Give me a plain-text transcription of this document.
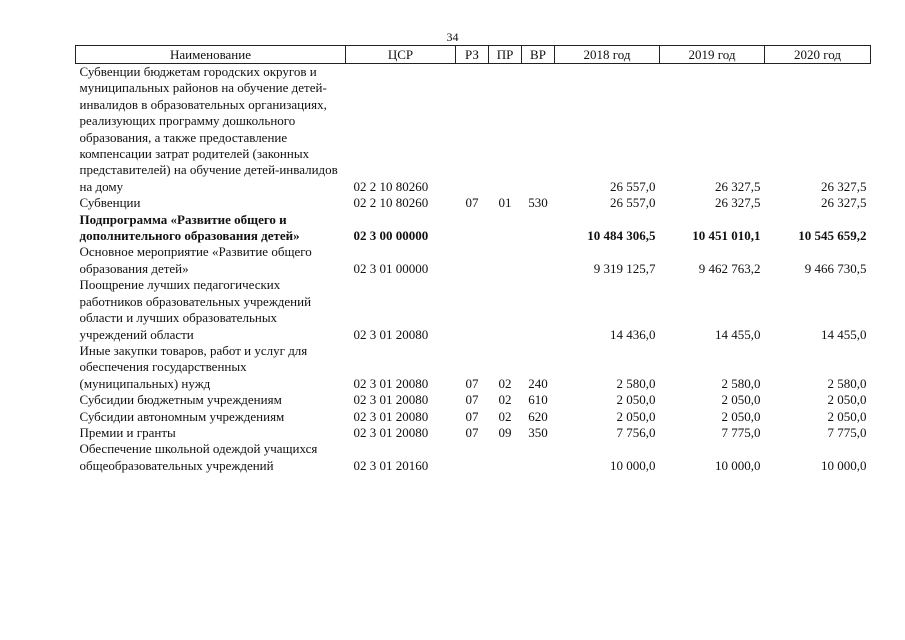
34
Наименование	ЦСР	РЗ	ПР	ВР	2018 год	2019 год	2020 год
Субвенции бюджетам городских округов и муниципальных районов на обучение детей-инвалидов в образовательных организациях, реализующих программу дошкольного образования, а также предоставление компенсации затрат родителей (законных представителей) на обучение детей-инвалидов на дому	02 2 10 80260				26 557,0	26 327,5	26 327,5
Субвенции	02 2 10 80260	07	01	530	26 557,0	26 327,5	26 327,5
Подпрограмма «Развитие общего и дополнительного образования детей»	02 3 00 00000				10 484 306,5	10 451 010,1	10 545 659,2
Основное мероприятие «Развитие общего образования детей»	02 3 01 00000				9 319 125,7	9 462 763,2	9 466 730,5
Поощрение лучших педагогических работников образовательных учреждений области и лучших образовательных учреждений области	02 3 01 20080				14 436,0	14 455,0	14 455,0
Иные закупки товаров, работ и услуг для обеспечения государственных (муниципальных) нужд	02 3 01 20080	07	02	240	2 580,0	2 580,0	2 580,0
Субсидии бюджетным учреждениям	02 3 01 20080	07	02	610	2 050,0	2 050,0	2 050,0
Субсидии автономным учреждениям	02 3 01 20080	07	02	620	2 050,0	2 050,0	2 050,0
Премии и гранты	02 3 01 20080	07	09	350	7 756,0	7 775,0	7 775,0
Обеспечение школьной одеждой учащихся общеобразовательных учреждений	02 3 01 20160				10 000,0	10 000,0	10 000,0
